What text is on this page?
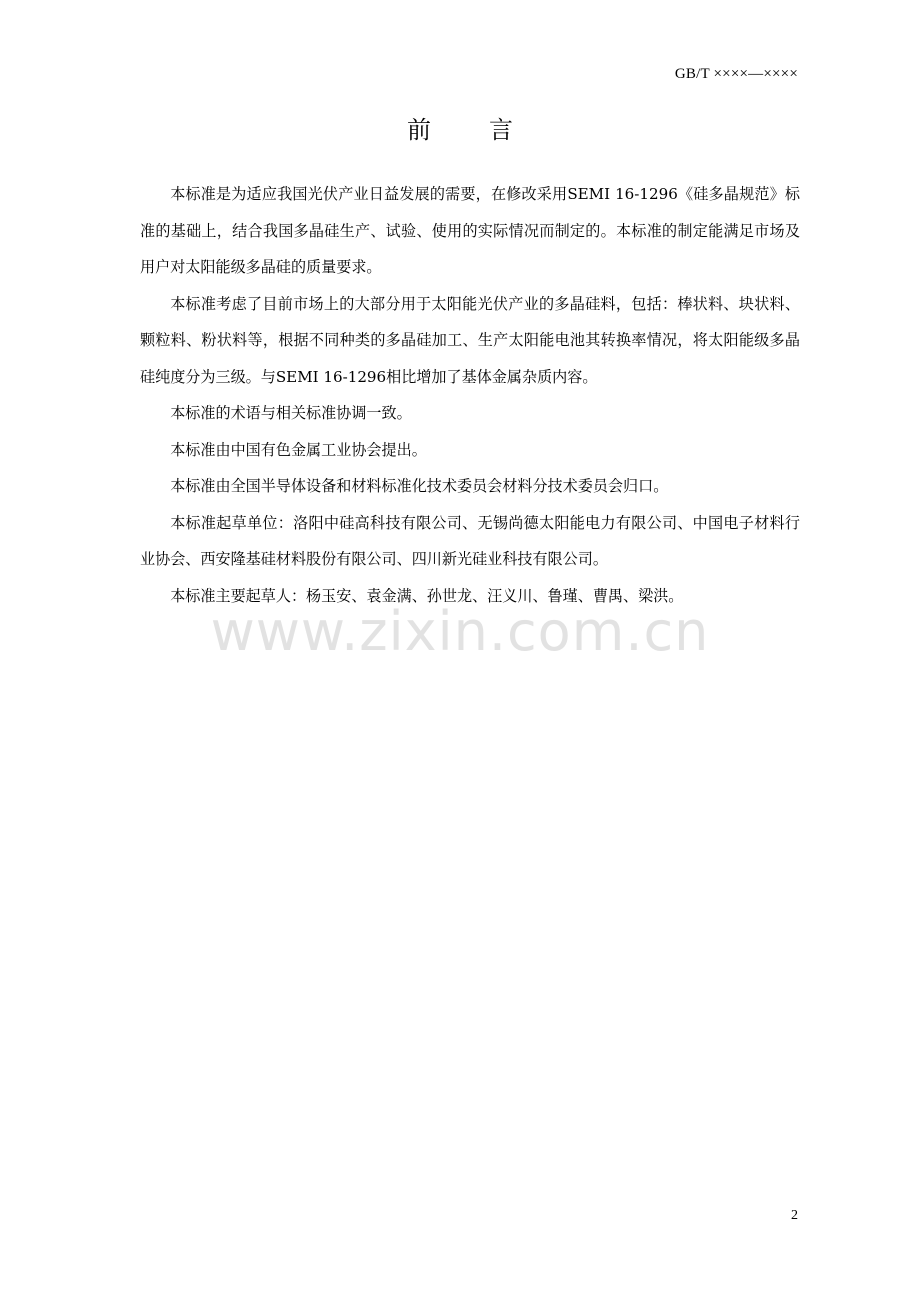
GB/T ××××—××××
前 言

本标准是为适应我国光伏产业日益发展的需要，在修改采用SEMI 16-1296《硅多晶规范》标准的基础上，结合我国多晶硅生产、试验、使用的实际情况而制定的。本标准的制定能满足市场及用户对太阳能级多晶硅的质量要求。

本标准考虑了目前市场上的大部分用于太阳能光伏产业的多晶硅料，包括：棒状料、块状料、颗粒料、粉状料等，根据不同种类的多晶硅加工、生产太阳能电池其转换率情况，将太阳能级多晶硅纯度分为三级。与SEMI 16-1296相比增加了基体金属杂质内容。

本标准的术语与相关标准协调一致。

本标准由中国有色金属工业协会提出。

本标准由全国半导体设备和材料标准化技术委员会材料分技术委员会归口。

本标准起草单位：洛阳中硅高科技有限公司、无锡尚德太阳能电力有限公司、中国电子材料行业协会、西安隆基硅材料股份有限公司、四川新光硅业科技有限公司。

本标准主要起草人：杨玉安、袁金满、孙世龙、汪义川、鲁瑾、曹禺、梁洪。

www.zixin.com.cn
2
